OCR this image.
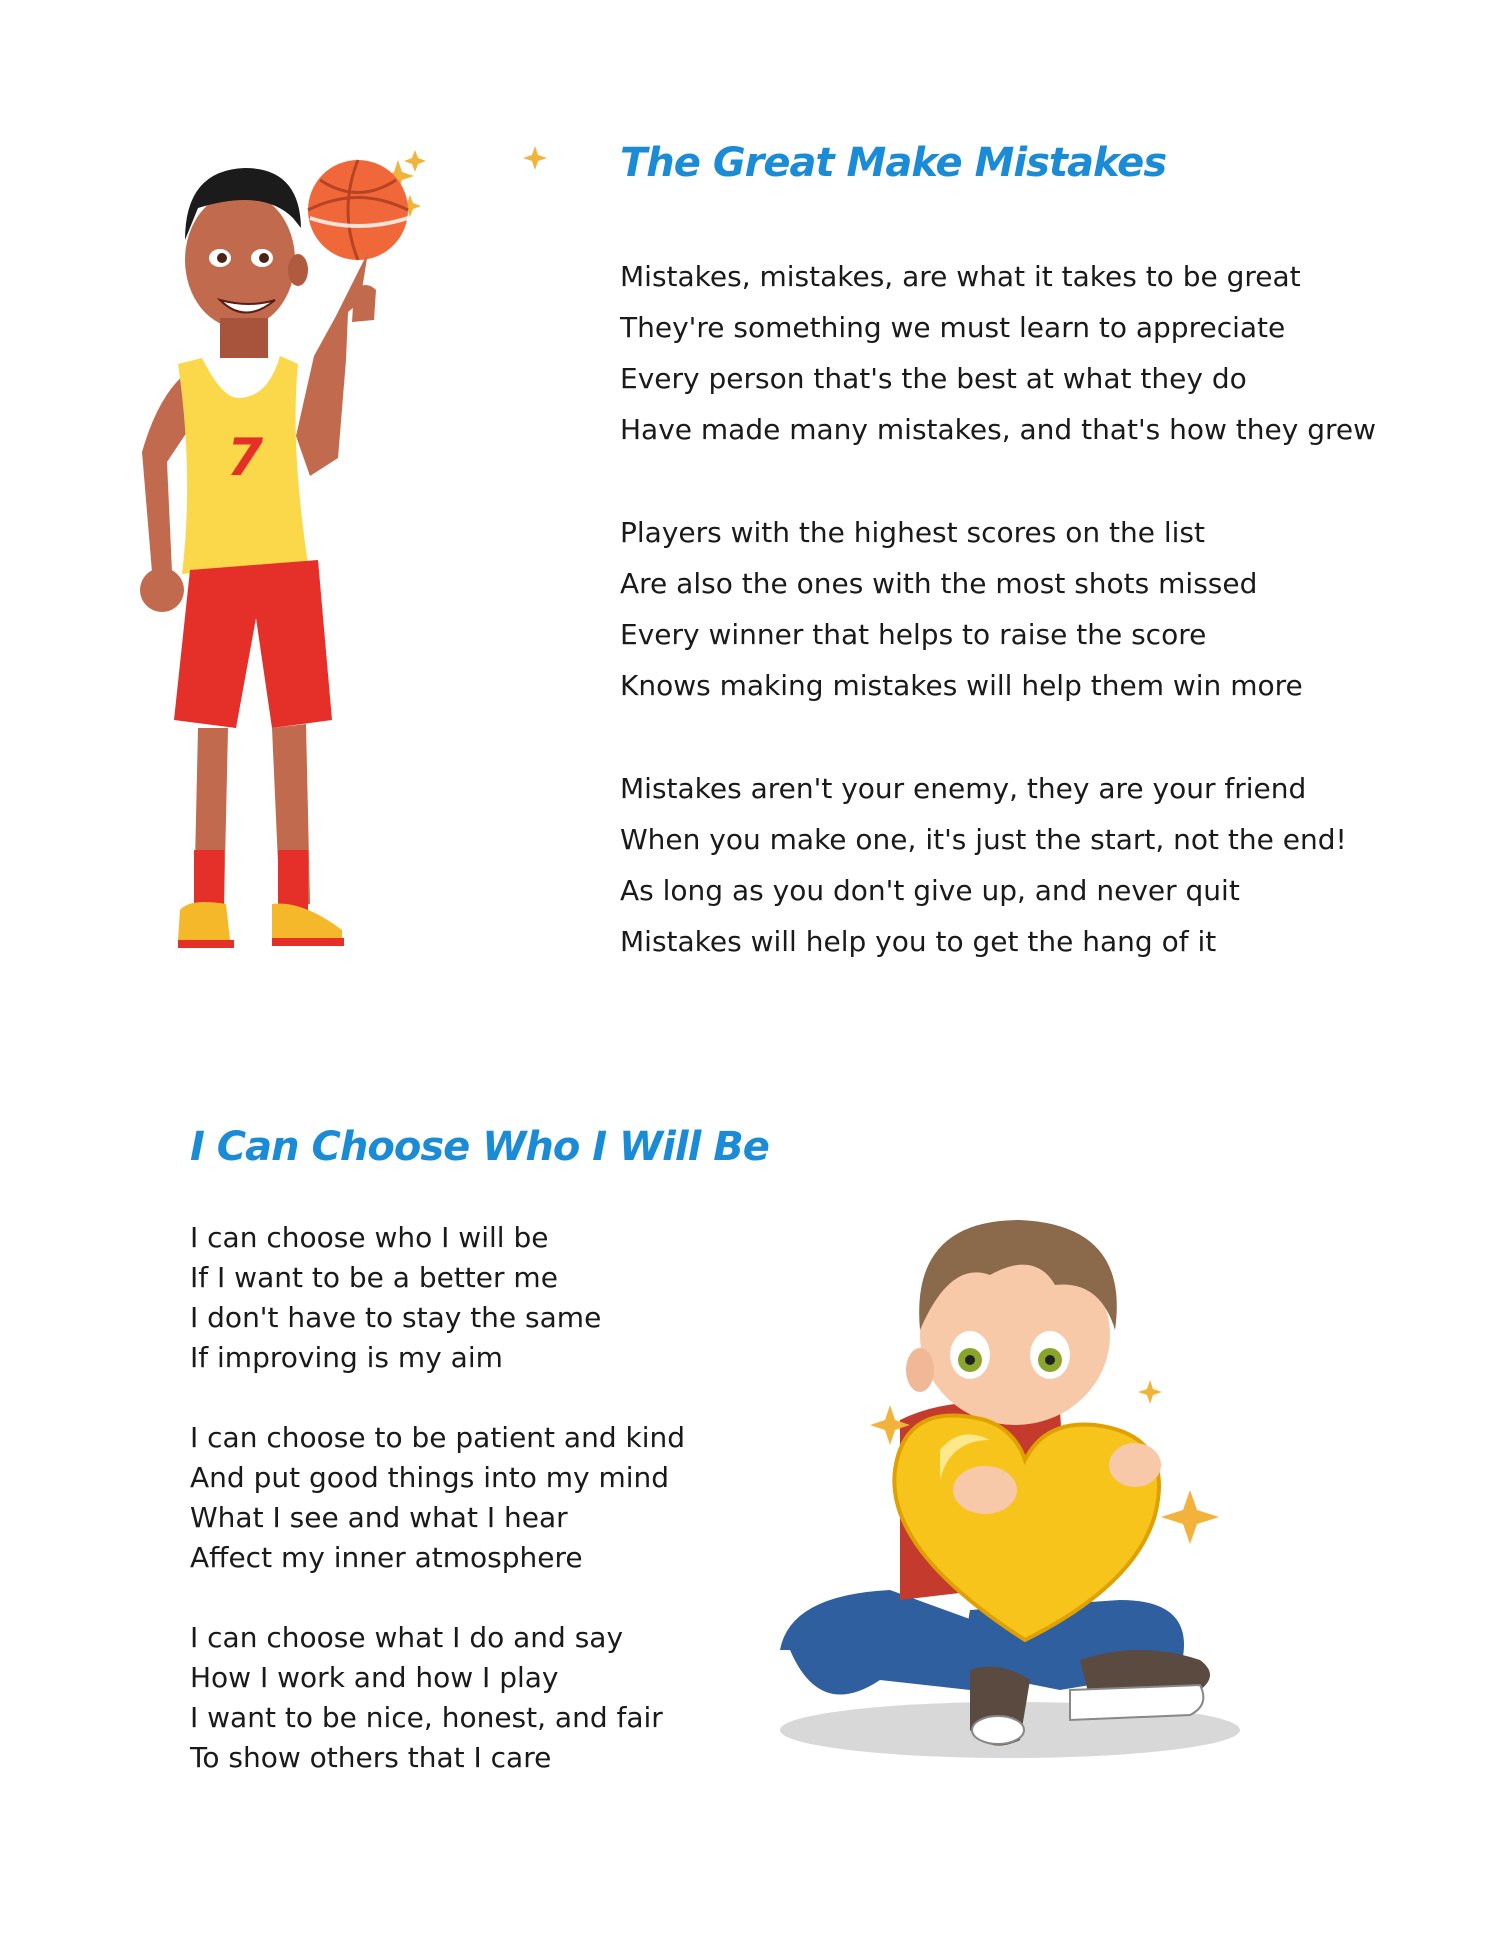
The Great Make Mistakes
Mistakes, mistakes, are what it takes to be great
They're something we must learn to appreciate
Every person that's the best at what they do
Have made many mistakes, and that's how they grew
Players with the highest scores on the list
Are also the ones with the most shots missed
Every winner that helps to raise the score
Knows making mistakes will help them win more
Mistakes aren't your enemy, they are your friend
When you make one, it's just the start, not the end!
As long as you don't give up, and never quit
Mistakes will help you to get the hang of it
7
I Can Choose Who I Will Be
I can choose who I will be
If I want to be a better me
I don't have to stay the same
If improving is my aim
I can choose to be patient and kind
And put good things into my mind
What I see and what I hear
Affect my inner atmosphere
I can choose what I do and say
How I work and how I play
I want to be nice, honest, and fair
To show others that I care
